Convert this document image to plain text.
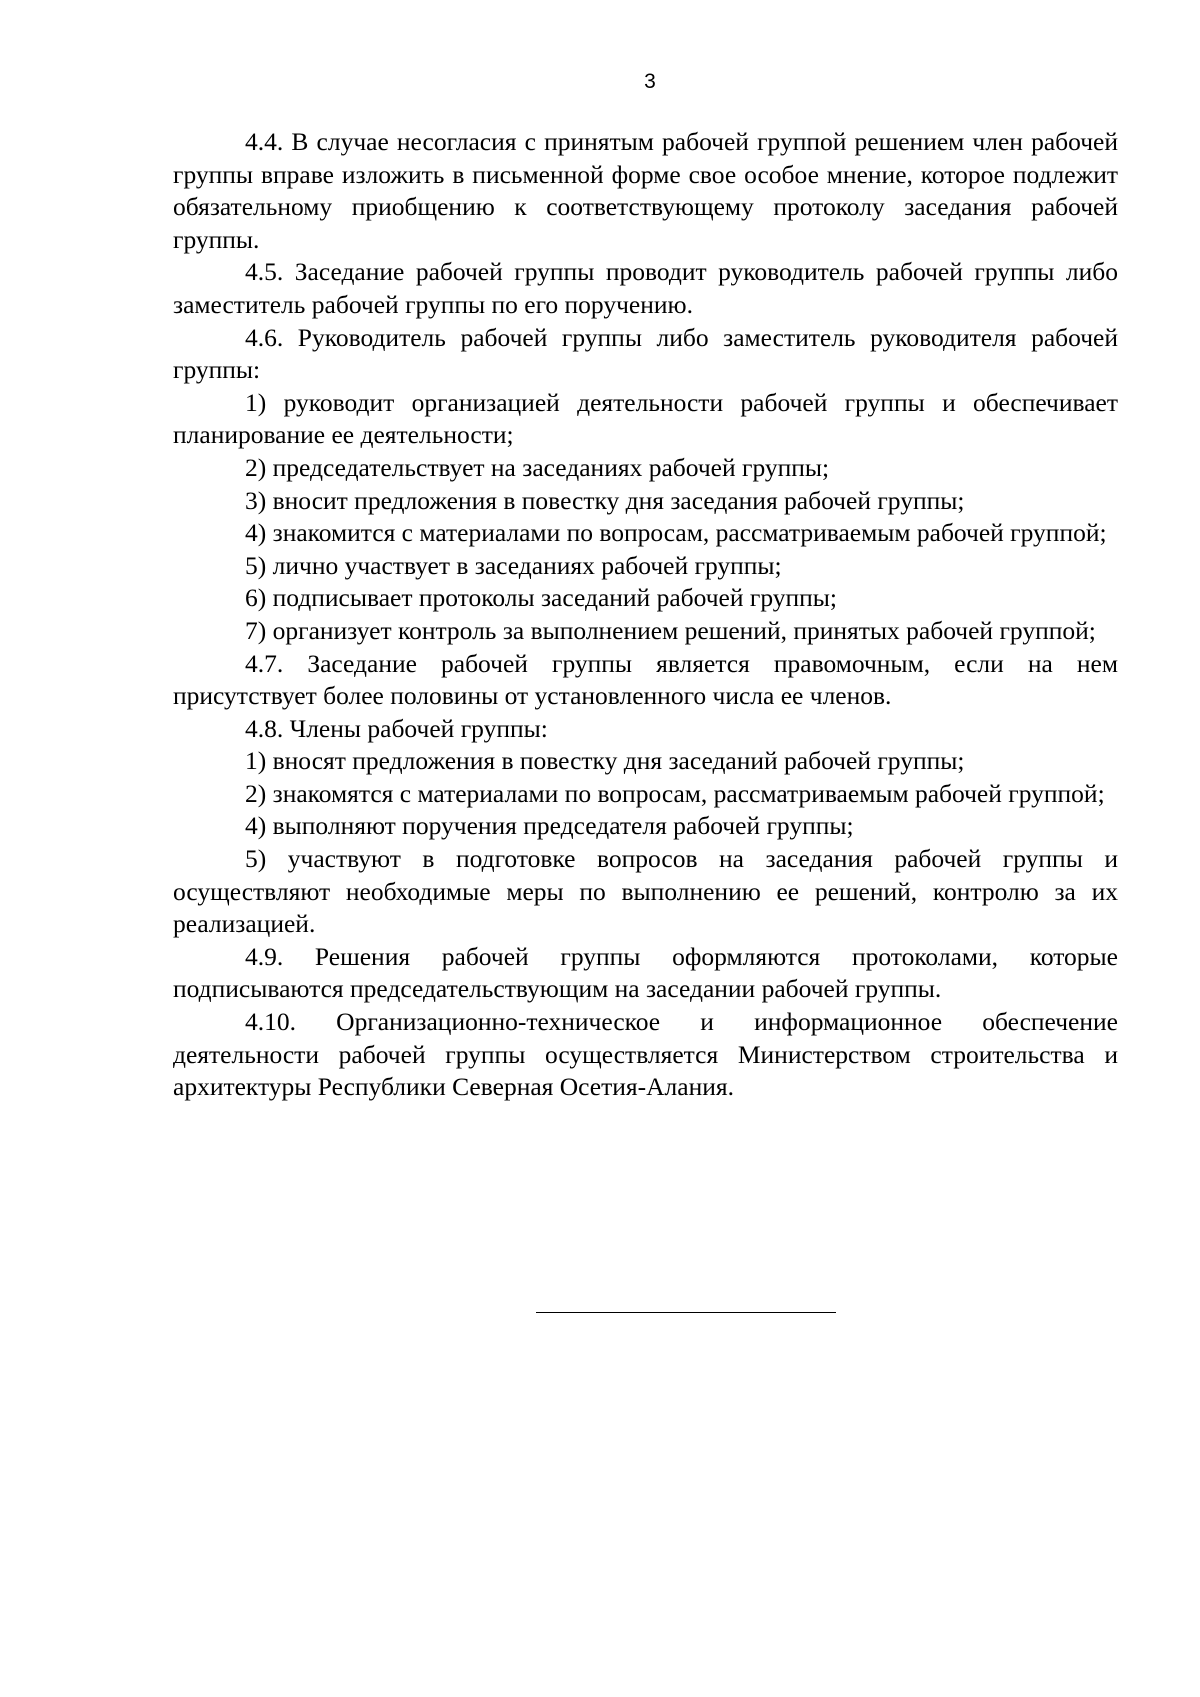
3

4.4. В случае несогласия с принятым рабочей группой решением член рабочей группы вправе изложить в письменной форме свое особое мнение, которое подлежит обязательному приобщению к соответствующему протоколу заседания рабочей группы.

4.5. Заседание рабочей группы проводит руководитель рабочей группы либо заместитель рабочей группы по его поручению.

4.6. Руководитель рабочей группы либо заместитель руководителя рабочей группы:

1) руководит организацией деятельности рабочей группы и обеспечивает планирование ее деятельности;

2) председательствует на заседаниях рабочей группы;

3) вносит предложения в повестку дня заседания рабочей группы;

4) знакомится с материалами по вопросам, рассматриваемым рабочей группой;

5) лично участвует в заседаниях рабочей группы;

6) подписывает протоколы заседаний рабочей группы;

7) организует контроль за выполнением решений, принятых рабочей группой;

4.7. Заседание рабочей группы является правомочным, если на нем присутствует более половины от установленного числа ее членов.

4.8. Члены рабочей группы:

1) вносят предложения в повестку дня заседаний рабочей группы;

2) знакомятся с материалами по вопросам, рассматриваемым рабочей группой;

4) выполняют поручения председателя рабочей группы;

5) участвуют в подготовке вопросов на заседания рабочей группы и осуществляют необходимые меры по выполнению ее решений, контролю за их реализацией.

4.9. Решения рабочей группы оформляются протоколами, которые подписываются председательствующим на заседании рабочей группы.

4.10. Организационно-техническое и информационное обеспечение деятельности рабочей группы осуществляется Министерством строительства и архитектуры Республики Северная Осетия-Алания.
